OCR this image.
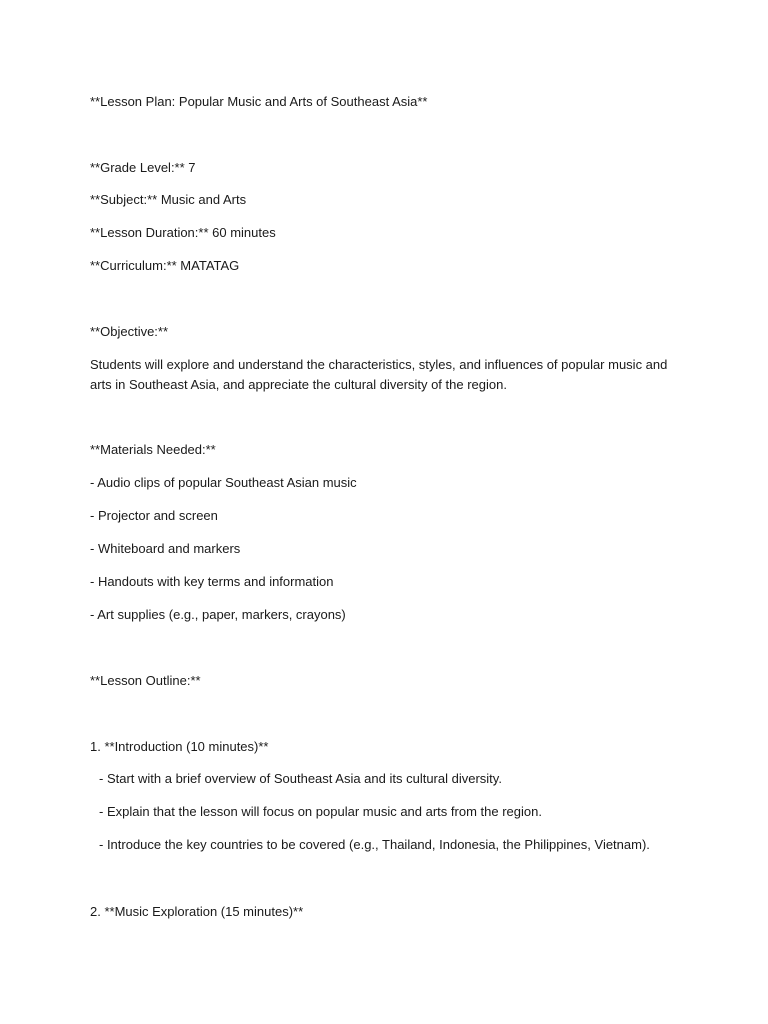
**Lesson Plan: Popular Music and Arts of Southeast Asia**
**Grade Level:** 7
**Subject:** Music and Arts
**Lesson Duration:** 60 minutes
**Curriculum:** MATATAG
**Objective:**
Students will explore and understand the characteristics, styles, and influences of popular music and arts in Southeast Asia, and appreciate the cultural diversity of the region.
**Materials Needed:**
- Audio clips of popular Southeast Asian music
- Projector and screen
- Whiteboard and markers
- Handouts with key terms and information
- Art supplies (e.g., paper, markers, crayons)
**Lesson Outline:**
1. **Introduction (10 minutes)**
- Start with a brief overview of Southeast Asia and its cultural diversity.
- Explain that the lesson will focus on popular music and arts from the region.
- Introduce the key countries to be covered (e.g., Thailand, Indonesia, the Philippines, Vietnam).
2. **Music Exploration (15 minutes)**
